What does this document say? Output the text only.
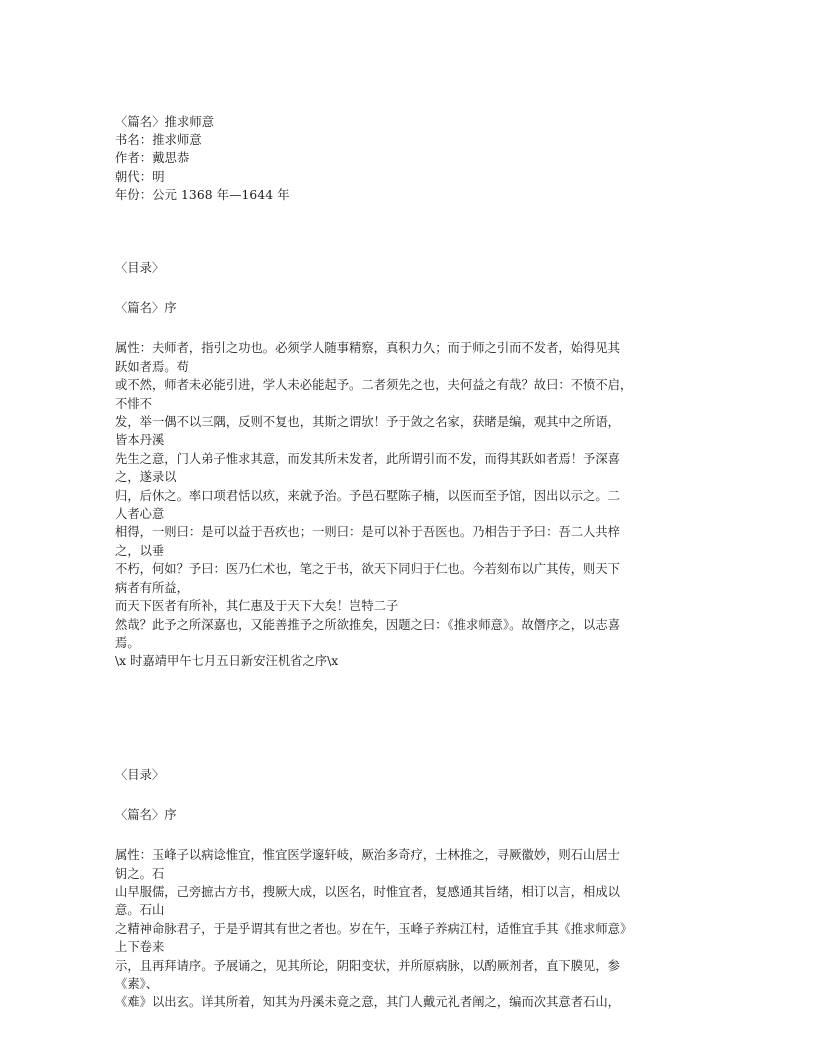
〈篇名〉推求师意
书名：推求师意
作者：戴思恭
朝代：明
年份：公元 1368 年—1644 年
〈目录〉
〈篇名〉序
属性：夫师者，指引之功也。必须学人随事精察，真积力久；而于师之引而不发者，始得见其
跃如者焉。苟
或不然，师者未必能引进，学人未必能起予。二者须先之也，夫何益之有哉？故曰：不愤不启，
不悱不
发，举一偶不以三隅，反则不复也，其斯之谓欤！予于敛之名家，获睹是编，观其中之所语，
皆本丹溪
先生之意，门人弟子惟求其意，而发其所未发者，此所谓引而不发，而得其跃如者焉！予深喜
之，遂录以
归，后休之。率口项君恬以疚，来就予治。予邑石墅陈子楠，以医而至予馆，因出以示之。二
人者心意
相得，一则曰：是可以益于吾疚也；一则曰：是可以补于吾医也。乃相告于予曰：吾二人共梓
之，以垂
不朽，何如？予曰：医乃仁术也，笔之于书，欲天下同归于仁也。今若刻布以广其传，则天下
病者有所益，
而天下医者有所补，其仁惠及于天下大矣！岂特二子
然哉？此予之所深嘉也，又能善推予之所欲推矣，因题之曰：《推求师意》。故僭序之，以志喜
焉。
\x 时嘉靖甲午七月五日新安汪机省之序\x
〈目录〉
〈篇名〉序
属性：玉峰子以病谂惟宜，惟宜医学邃轩岐，厥治多奇疗，士林推之，寻厥徽妙，则石山居士
钥之。石
山早服儒，己旁摭古方书，搜厥大成，以医名，时惟宜者，复感通其旨绪，相订以言，相成以
意。石山
之精神命脉君子，于是乎谓其有世之者也。岁在午，玉峰子养病江村，适惟宜手其《推求师意》
上下卷来
示，且再拜请序。予展诵之，见其所论，阴阳变状，并所原病脉，以酌厥剂者，直下膜见，参
《素》、
《难》以出玄。详其所着，知其为丹溪未竟之意，其门人戴元礼者阐之，编而次其意者石山，
